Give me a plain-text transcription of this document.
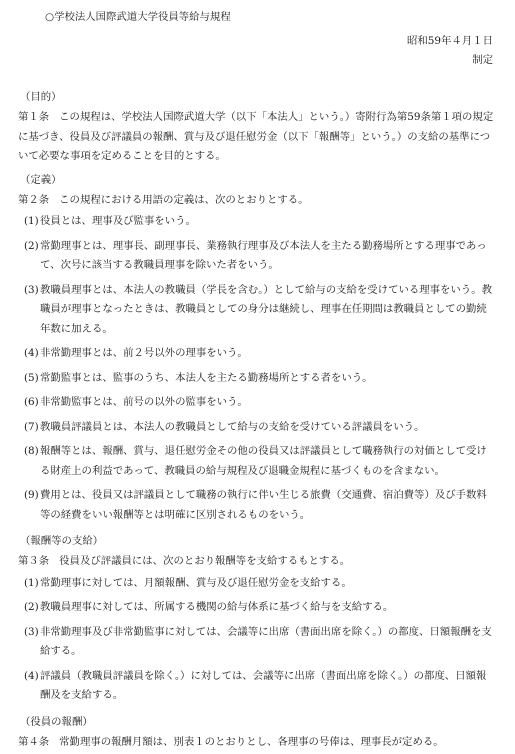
○学校法人国際武道大学役員等給与規程
昭和59年４月１日
制定
（目的）
第１条 この規程は、学校法人国際武道大学（以下「本法人」という。）寄附行為第59条第１項の規定に基づき、役員及び評議員の報酬、賞与及び退任慰労金（以下「報酬等」という。）の支給の基準について必要な事項を定めることを目的とする。
（定義）
第２条 この規程における用語の定義は、次のとおりとする。
(1) 役員とは、理事及び監事をいう。
(2) 常勤理事とは、理事長、副理事長、業務執行理事及び本法人を主たる勤務場所とする理事であって、次号に該当する教職員理事を除いた者をいう。
(3) 教職員理事とは、本法人の教職員（学長を含む。）として給与の支給を受けている理事をいう。教職員が理事となったときは、教職員としての身分は継続し、理事在任期間は教職員としての勤続年数に加える。
(4) 非常勤理事とは、前２号以外の理事をいう。
(5) 常勤監事とは、監事のうち、本法人を主たる勤務場所とする者をいう。
(6) 非常勤監事とは、前号の以外の監事をいう。
(7) 教職員評議員とは、本法人の教職員として給与の支給を受けている評議員をいう。
(8) 報酬等とは、報酬、賞与、退任慰労金その他の役員又は評議員として職務執行の対価として受ける財産上の利益であって、教職員の給与規程及び退職金規程に基づくものを含まない。
(9) 費用とは、役員又は評議員として職務の執行に伴い生じる旅費（交通費、宿泊費等）及び手数料等の経費をいい報酬等とは明確に区別されるものをいう。
（報酬等の支給）
第３条 役員及び評議員には、次のとおり報酬等を支給するもとする。
(1) 常勤理事に対しては、月額報酬、賞与及び退任慰労金を支給する。
(2) 教職員理事に対しては、所属する機関の給与体系に基づく給与を支給する。
(3) 非常勤理事及び非常勤監事に対しては、会議等に出席（書面出席を除く。）の都度、日額報酬を支給する。
(4) 評議員（教職員評議員を除く。）に対しては、会議等に出席（書面出席を除く。）の都度、日額報酬及を支給する。
（役員の報酬）
第４条 常勤理事の報酬月額は、別表１のとおりとし、各理事の号俸は、理事長が定める。
